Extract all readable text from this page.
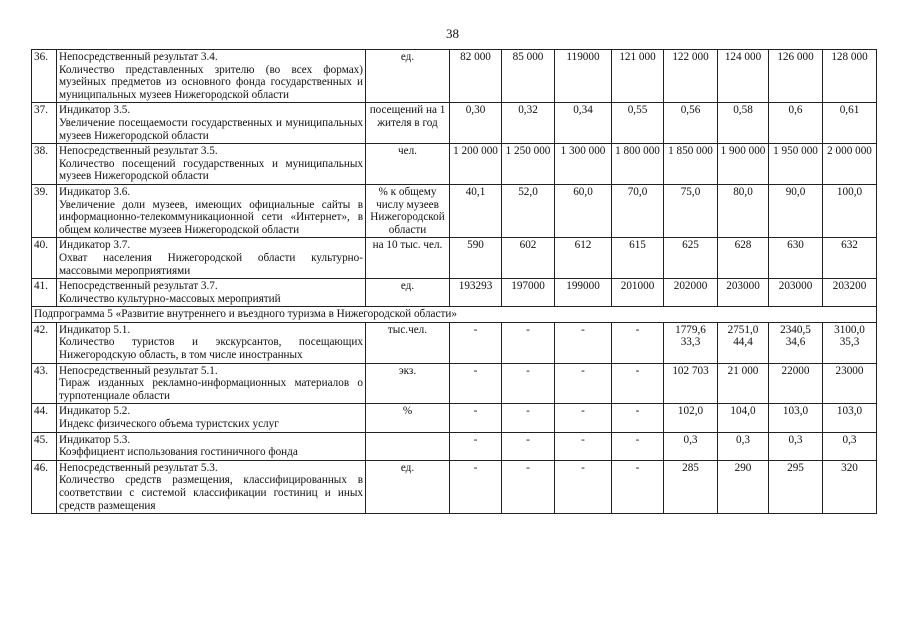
38
36.	Непосредственный результат 3.4.
Количество представленных зрителю (во всех формах) музейных предметов из основного фонда государственных и муниципальных музеев Нижегородской области	ед.	82 000	85 000	119000	121 000	122 000	124 000	126 000	128 000
37.	Индикатор 3.5.
Увеличение посещаемости государственных и муниципальных музеев Нижегородской области	посещений на 1 жителя в год	0,30	0,32	0,34	0,55	0,56	0,58	0,6	0,61
38.	Непосредственный результат 3.5.
Количество посещений государственных и муниципальных музеев Нижегородской области	чел.	1 200 000	1 250 000	1 300 000	1 800 000	1 850 000	1 900 000	1 950 000	2 000 000
39.	Индикатор 3.6.
Увеличение доли музеев, имеющих официальные сайты в информационно-телекоммуникационной сети «Интернет», в общем количестве музеев Нижегородской области	% к общему числу музеев Нижегородской области	40,1	52,0	60,0	70,0	75,0	80,0	90,0	100,0
40.	Индикатор 3.7.
Охват населения Нижегородской области культурно-массовыми мероприятиями	на 10 тыс. чел.	590	602	612	615	625	628	630	632
41.	Непосредственный результат 3.7.
Количество культурно-массовых мероприятий	ед.	193293	197000	199000	201000	202000	203000	203000	203200
Подпрограмма 5 «Развитие внутреннего и въездного туризма в Нижегородской области»										
42.	Индикатор 5.1.
Количество туристов и экскурсантов, посещающих Нижегородскую область, в том числе иностранных	тыс.чел.	-	-	-	-	1779,6 33,3	2751,0 44,4	2340,5 34,6	3100,0 35,3
43.	Непосредственный результат 5.1.
Тираж изданных рекламно-информационных материалов о турпотенциале области	экз.	-	-	-	-	102 703	21 000	22000	23000
44.	Индикатор 5.2.
Индекс физического объема туристских услуг	%	-	-	-	-	102,0	104,0	103,0	103,0
45.	Индикатор 5.3.
Коэффициент использования гостиничного фонда		-	-	-	-	0,3	0,3	0,3	0,3
46.	Непосредственный результат 5.3.
Количество средств размещения, классифицированных в соответствии с системой классификации гостиниц и иных средств размещения	ед.	-	-	-	-	285	290	295	320
